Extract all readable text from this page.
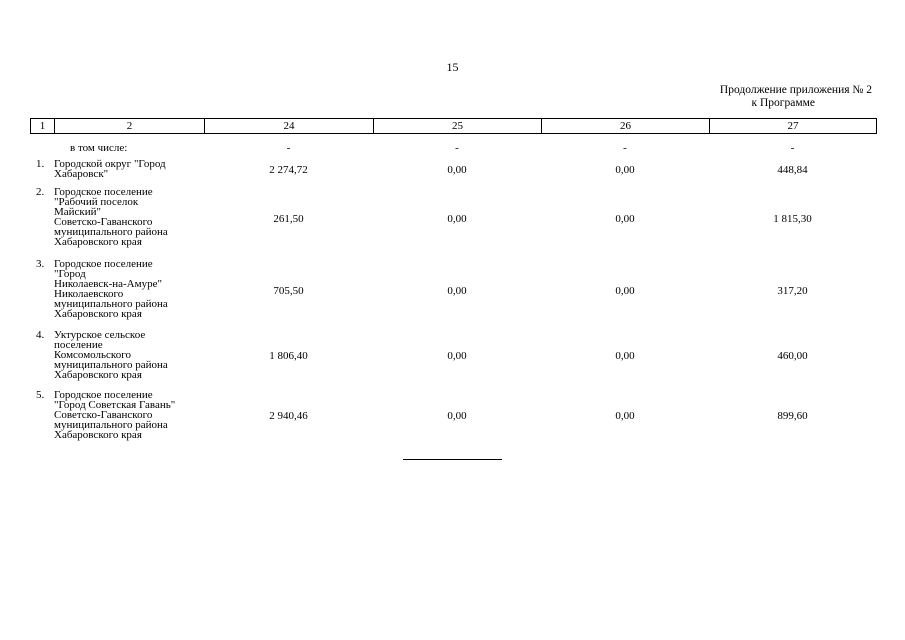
15
Продолжение приложения № 2
к Программе
1	2	24	25	26	27
в том числе:	-	-	-	-
1. Городской округ "Город
Хабаровск"	2 274,72	0,00	0,00	448,84
2. Городское поселение
"Рабочий поселок
Майский"
Советско-Гаванского
муниципального района
Хабаровского края
261,50	0,00	0,00	1 815,30
3. Городское поселение
"Город
Николаевск-на-Амуре"
Николаевского
муниципального района
Хабаровского края
705,50	0,00	0,00	317,20
4. Уктурское сельское
поселение
Комсомольского
муниципального района
Хабаровского края
1 806,40	0,00	0,00	460,00
5. Городское поселение
"Город Советская Гавань"
Советско-Гаванского
муниципального района
Хабаровского края
2 940,46	0,00	0,00	899,60
